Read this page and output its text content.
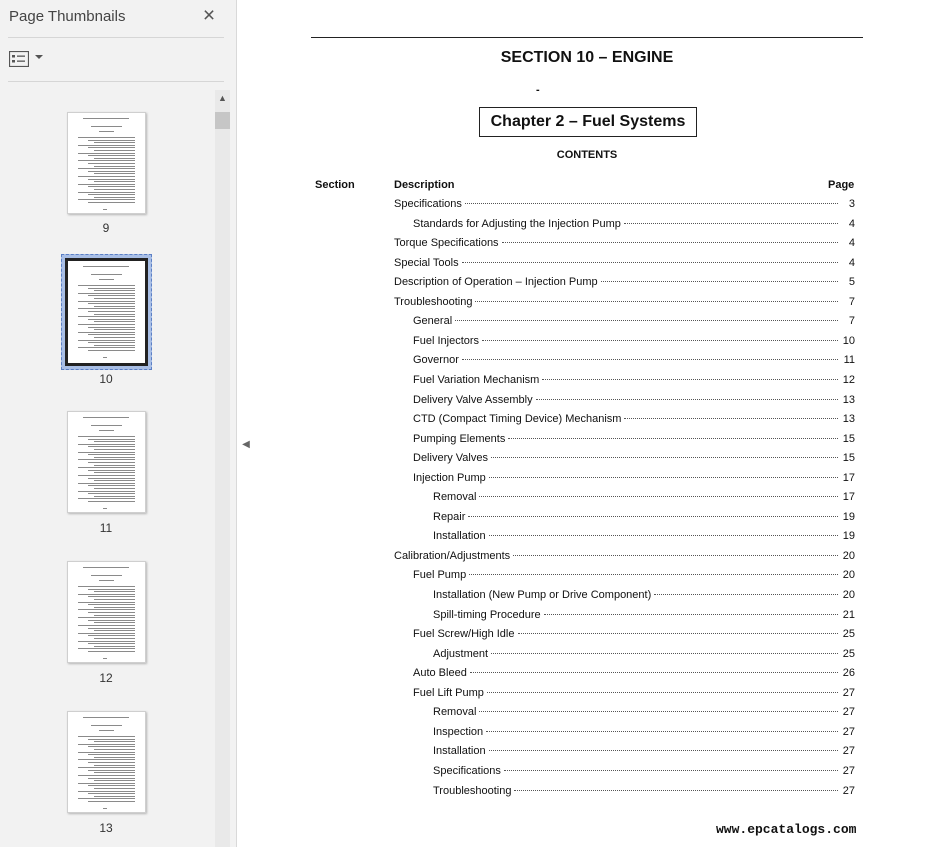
Page Thumbnails	×
▲
9
10
11
12
13
◀
SECTION 10 – ENGINE
-
Chapter 2 – Fuel Systems
CONTENTS
Section	Description	Page
Specifications	3
Standards for Adjusting the Injection Pump	4
Torque Specifications	4
Special Tools	4
Description of Operation – Injection Pump	5
Troubleshooting	7
General	7
Fuel Injectors	10
Governor	11
Fuel Variation Mechanism	12
Delivery Valve Assembly	13
CTD (Compact Timing Device) Mechanism	13
Pumping Elements	15
Delivery Valves	15
Injection Pump	17
Removal	17
Repair	19
Installation	19
Calibration/Adjustments	20
Fuel Pump	20
Installation (New Pump or Drive Component)	20
Spill-timing Procedure	21
Fuel Screw/High Idle	25
Adjustment	25
Auto Bleed	26
Fuel Lift Pump	27
Removal	27
Inspection	27
Installation	27
Specifications	27
Troubleshooting	27
www.epcatalogs.com
